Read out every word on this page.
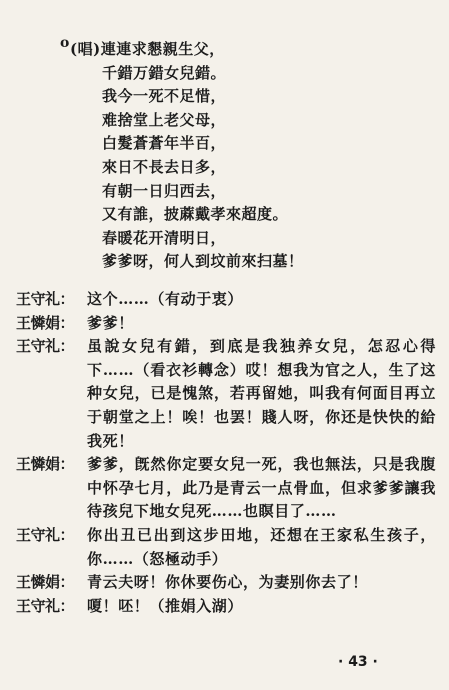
o(唱)連連求懇親生父，
千錯万錯女兒錯。
我今一死不足惜，
难捨堂上老父母，
白髮蒼蒼年半百，
來日不長去日多，
有朝一日归西去，
又有誰，披蔴戴孝來超度。
春暖花开清明日，
爹爹呀，何人到坟前來扫墓！
王守礼： 这个……（有动于衷）
王憐娟： 爹爹！
王守礼： 虽說女兒有錯，到底是我独养女兒，怎忍心得下……（看衣衫轉念）哎！想我为官之人，生了这种女兒，已是愧煞，若再留她，叫我有何面目再立于朝堂之上！唉！也罢！賤人呀，你还是快快的給我死！
王憐娟： 爹爹，旣然你定要女兒一死，我也無法，只是我腹中怀孕七月，此乃是青云一点骨血，但求爹爹讓我待孩兒下地女兒死……也瞑目了……
王守礼： 你出丑已出到这步田地，还想在王家私生孩子，你……（怒極动手）
王憐娟： 青云夫呀！你休要伤心，为妻别你去了！
王守礼： 嗄！呸！（推娟入湖）
· 43 ·
